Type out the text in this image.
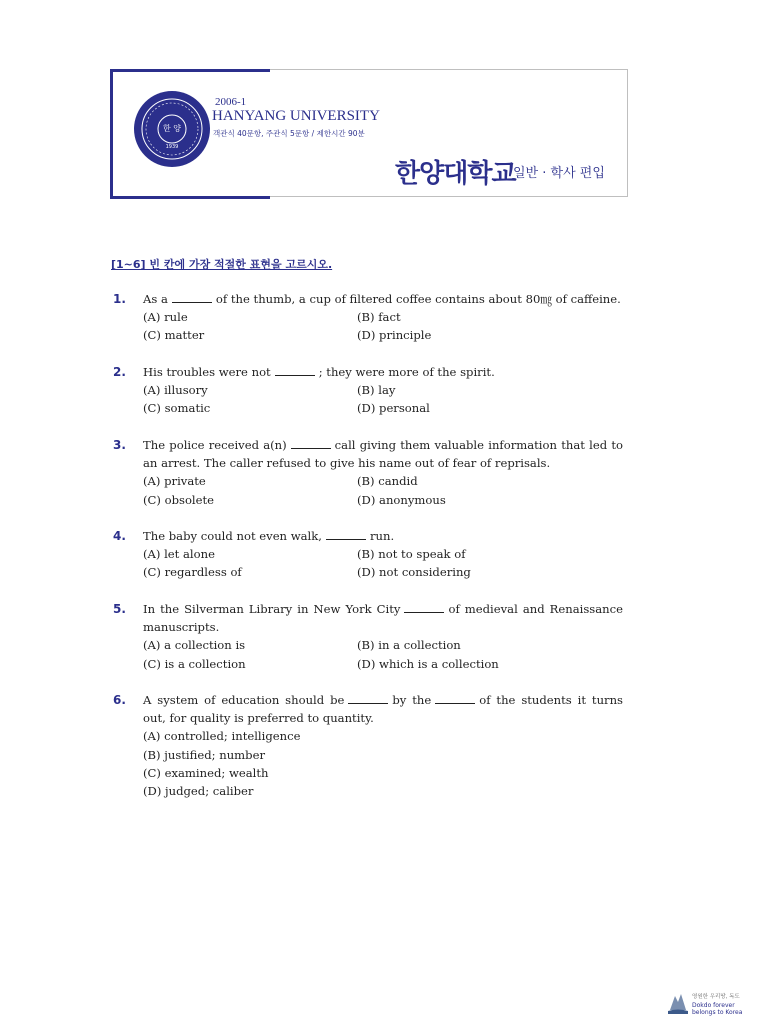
한 양
1939
2006-1
HANYANG UNIVERSITY
객관식 40문항, 주관식 5문항 / 제한시간 90분
한양대학교
일반 · 학사 편입
[1~6] 빈 칸에 가장 적절한 표현을 고르시오.
1.	As a	of the thumb, a cup of filtered coffee contains about 80㎎ of caffeine.
(A) rule	(B) fact
(C) matter	(D) principle
2.	His troubles were not	; they were more of the spirit.
(A) illusory	(B) lay
(C) somatic	(D) personal
3.	The police received a(n)	call giving them valuable information that led to an arrest. The caller refused to give his name out of fear of reprisals.
(A) private	(B) candid
(C) obsolete	(D) anonymous
4.	The baby could not even walk,	run.
(A) let alone	(B) not to speak of
(C) regardless of	(D) not considering
5.	In the Silverman Library in New York City	of medieval and Renaissance manuscripts.
(A) a collection is	(B) in a collection
(C) is a collection	(D) which is a collection
6.	A system of education should be	by the	of the students it turns out, for quality is preferred to quantity.
(A) controlled; intelligence
(B) justified; number
(C) examined; wealth
(D) judged; caliber
영원한 우리땅, 독도
Dokdo forever
belongs to Korea
